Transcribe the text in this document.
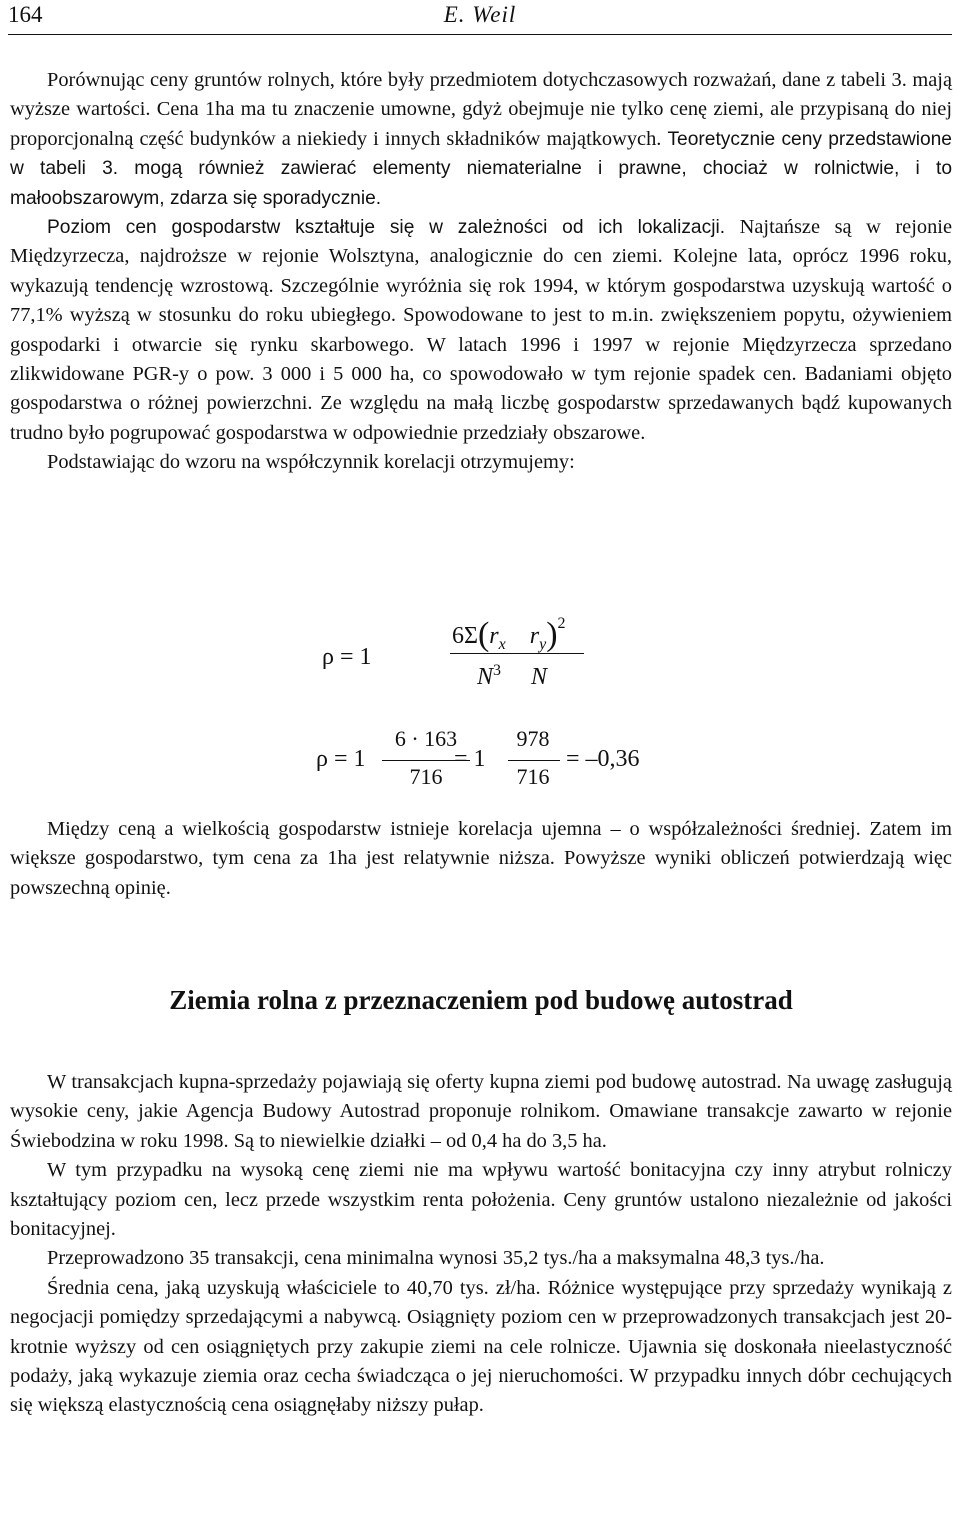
164	E. Weil

Porównując ceny gruntów rolnych, które były przedmiotem dotychczasowych rozważań, dane z tabeli 3. mają wyższe wartości. Cena 1ha ma tu znaczenie umowne, gdyż obejmuje nie tylko cenę ziemi, ale przypisaną do niej proporcjonalną część budynków a niekiedy i innych składników majątkowych. Teoretycznie ceny przedstawione w tabeli 3. mogą również zawierać elementy niematerialne i prawne, chociaż w rolnictwie, i to małoobszarowym, zdarza się sporadycznie.

Poziom cen gospodarstw kształtuje się w zależności od ich lokalizacji. Najtańsze są w rejonie Międzyrzecza, najdroższe w rejonie Wolsztyna, analogicznie do cen ziemi. Kolejne lata, oprócz 1996 roku, wykazują tendencję wzrostową. Szczególnie wyróżnia się rok 1994, w którym gospodarstwa uzyskują wartość o 77,1% wyższą w stosunku do roku ubiegłego. Spowodowane to jest to m.in. zwiększeniem popytu, ożywieniem gospodarki i otwarcie się rynku skarbowego. W latach 1996 i 1997 w rejonie Międzyrzecza sprzedano zlikwidowane PGR-y o pow. 3 000 i 5 000 ha, co spowodowało w tym rejonie spadek cen. Badaniami objęto gospodarstwa o różnej powierzchni. Ze względu na małą liczbę gospodarstw sprzedawanych bądź kupowanych trudno było pogrupować gospodarstwa w odpowiednie przedziały obszarowe.

Podstawiając do wzoru na współczynnik korelacji otrzymujemy:

ρ = 1
$6\Sigma(r_x$ $r_y)^2$
$N^3$ N
ρ = 1
6 · 163
716
= 1
978
716
= –0,36

Między ceną a wielkością gospodarstw istnieje korelacja ujemna – o współzależności średniej. Zatem im większe gospodarstwo, tym cena za 1ha jest relatywnie niższa. Powyższe wyniki obliczeń potwierdzają więc powszechną opinię.

Ziemia rolna z przeznaczeniem pod budowę autostrad

W transakcjach kupna-sprzedaży pojawiają się oferty kupna ziemi pod budowę autostrad. Na uwagę zasługują wysokie ceny, jakie Agencja Budowy Autostrad proponuje rolnikom. Omawiane transakcje zawarto w rejonie Świebodzina w roku 1998. Są to niewielkie działki – od 0,4 ha do 3,5 ha.

W tym przypadku na wysoką cenę ziemi nie ma wpływu wartość bonitacyjna czy inny atrybut rolniczy kształtujący poziom cen, lecz przede wszystkim renta położenia. Ceny gruntów ustalono niezależnie od jakości bonitacyjnej.

Przeprowadzono 35 transakcji, cena minimalna wynosi 35,2 tys./ha a maksymalna 48,3 tys./ha.

Średnia cena, jaką uzyskują właściciele to 40,70 tys. zł/ha. Różnice występujące przy sprzedaży wynikają z negocjacji pomiędzy sprzedającymi a nabywcą. Osiągnięty poziom cen w przeprowadzonych transakcjach jest 20-krotnie wyższy od cen osiągniętych przy zakupie ziemi na cele rolnicze. Ujawnia się doskonała nieelastyczność podaży, jaką wykazuje ziemia oraz cecha świadcząca o jej nieruchomości. W przypadku innych dóbr cechujących się większą elastycznością cena osiągnęłaby niższy pułap.
